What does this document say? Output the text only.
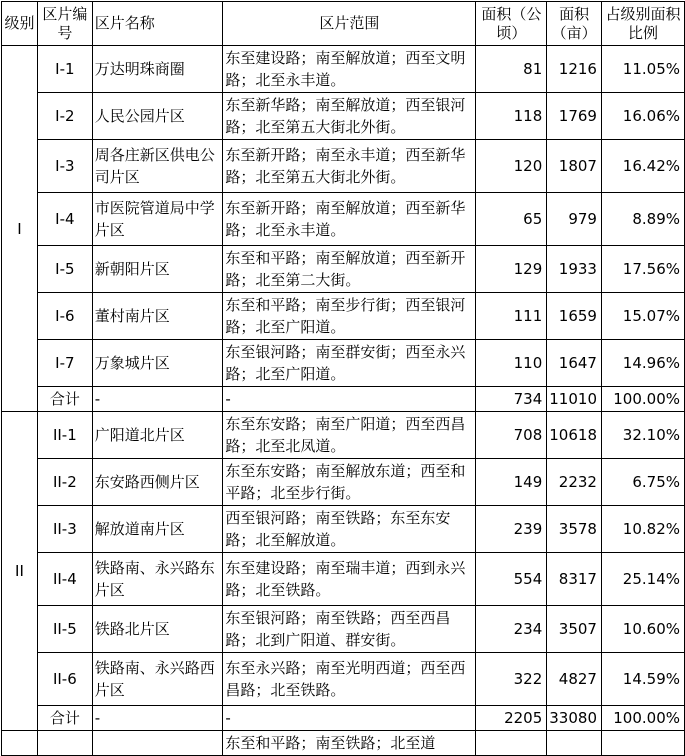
级别	区片编号	区片名称	区片范围	面积（公顷）	面积（亩）	占级别面积比例
I	I-1	万达明珠商圈	东至建设路；南至解放道；西至文明路；北至永丰道。	81	1216	11.05%
	I-2	人民公园片区	东至新华路；南至解放道；西至银河路；北至第五大街北外街。	118	1769	16.06%
	I-3	周各庄新区供电公司片区	东至新开路；南至永丰道；西至新华路；北至第五大街北外街。	120	1807	16.42%
	I-4	市医院管道局中学片区	东至新开路；南至解放道；西至新华路；北至永丰道。	65	979	8.89%
	I-5	新朝阳片区	东至和平路；南至解放道；西至新开路；北至第二大街。	129	1933	17.56%
	I-6	董村南片区	东至和平路；南至步行街；西至银河路；北至广阳道。	111	1659	15.07%
	I-7	万象城片区	东至银河路；南至群安街；西至永兴路；北至广阳道。	110	1647	14.96%
	合计	-	-	734	11010	100.00%
II	II-1	广阳道北片区	东至东安路；南至广阳道；西至西昌路；北至北凤道。	708	10618	32.10%
	II-2	东安路西侧片区	东至东安路；南至解放东道；西至和平路；北至步行街。	149	2232	6.75%
	II-3	解放道南片区	西至银河路；南至铁路；东至东安路；北至解放道。	239	3578	10.82%
	II-4	铁路南、永兴路东片区	东至建设路；南至瑞丰道；西到永兴路；北至铁路。	554	8317	25.14%
	II-5	铁路北片区	东至银河路；南至铁路；西至西昌路；北到广阳道、群安街。	234	3507	10.60%
	II-6	铁路南、永兴路西片区	东至永兴路；南至光明西道；西至西昌路；北至铁路。	322	4827	14.59%
	合计	-	-	2205	33080	100.00%
			东至和平路；南至铁路；北至道			
